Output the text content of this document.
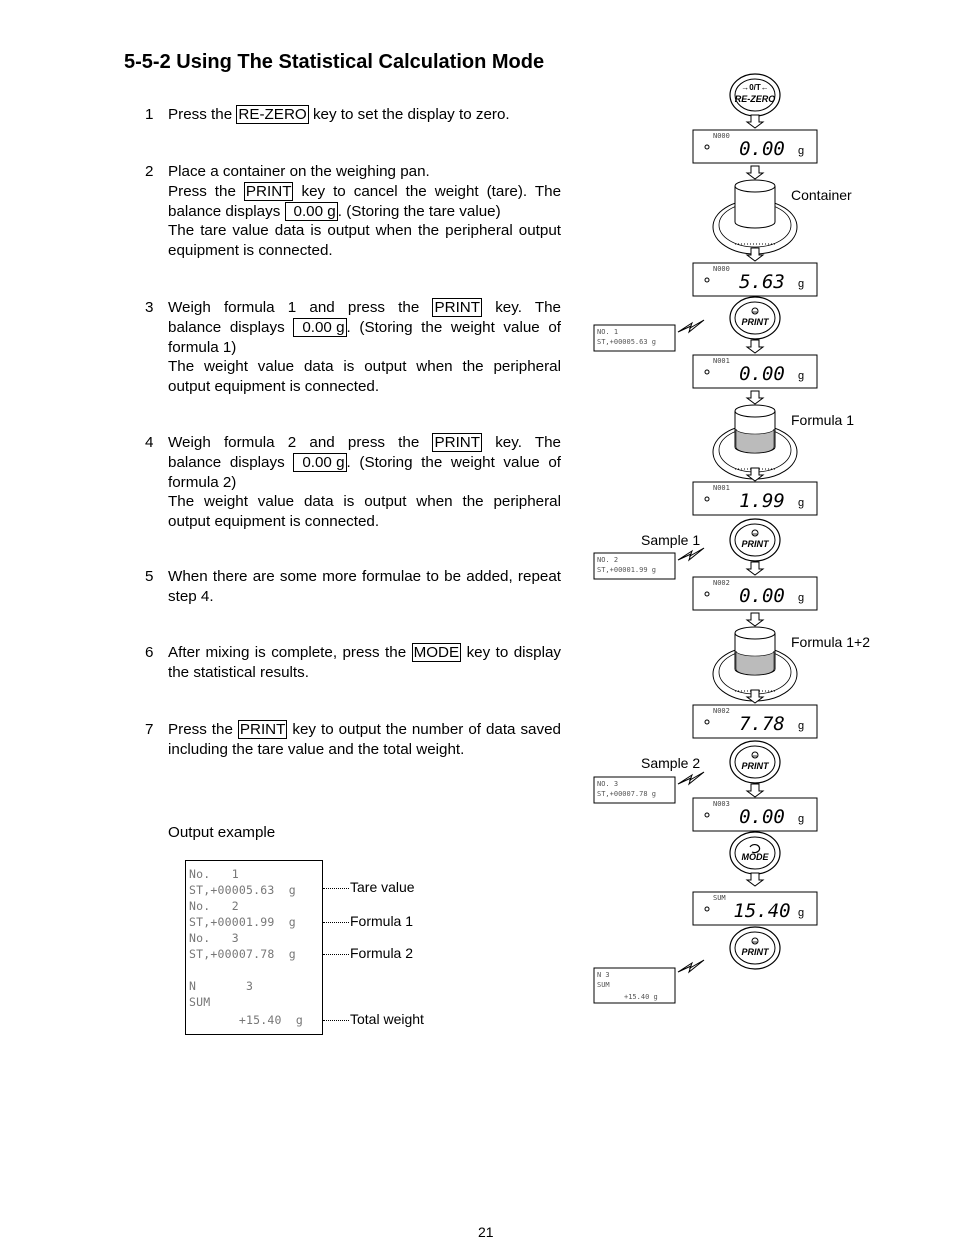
5-5-2 Using The Statistical Calculation Mode
1 Press the RE-ZERO key to set the display to zero.

2 Place a container on the weighing pan.

Press the PRINT key to cancel the weight (tare). The

balance displays 0.00 g . (Storing the tare value)

The tare value data is output when the peripheral output equipment is connected.

3 Weigh formula 1 and press the PRINT key. The

balance displays 0.00 g . (Storing the weight value of

formula 1)

The weight value data is output when the peripheral output equipment is connected.

4 Weigh formula 2 and press the PRINT key. The

balance displays 0.00 g . (Storing the weight value of

formula 2)

The weight value data is output when the peripheral output equipment is connected.

5 When there are some more formulae to be added, repeat step 4.

6 After mixing is complete, press the MODE key to display the statistical results.

7 Press the PRINT key to output the number of data saved including the tare value and the total weight.

Output example
No.   1
ST,+00005.63  g
No.   2
ST,+00001.99  g
No.   3
ST,+00007.78  g
N       3
SUM
+15.40  g
Tare value
Formula 1
Formula 2
Total weight
→0/T←
RE-ZERO
N000
0.00 g
Container
N000
5.63 g
PRINT
NO. 1
ST,+00005.63 g
N001
0.00 g
Formula 1
N001
1.99 g
PRINT
Sample 1
NO. 2
ST,+00001.99 g
N002
0.00 g
Formula 1+2
N002
7.78 g
PRINT
Sample 2
NO. 3
ST,+00007.78 g
N003
0.00 g
MODE
SUM
15.40 g
PRINT
N 3
SUM
+15.40 g
21
